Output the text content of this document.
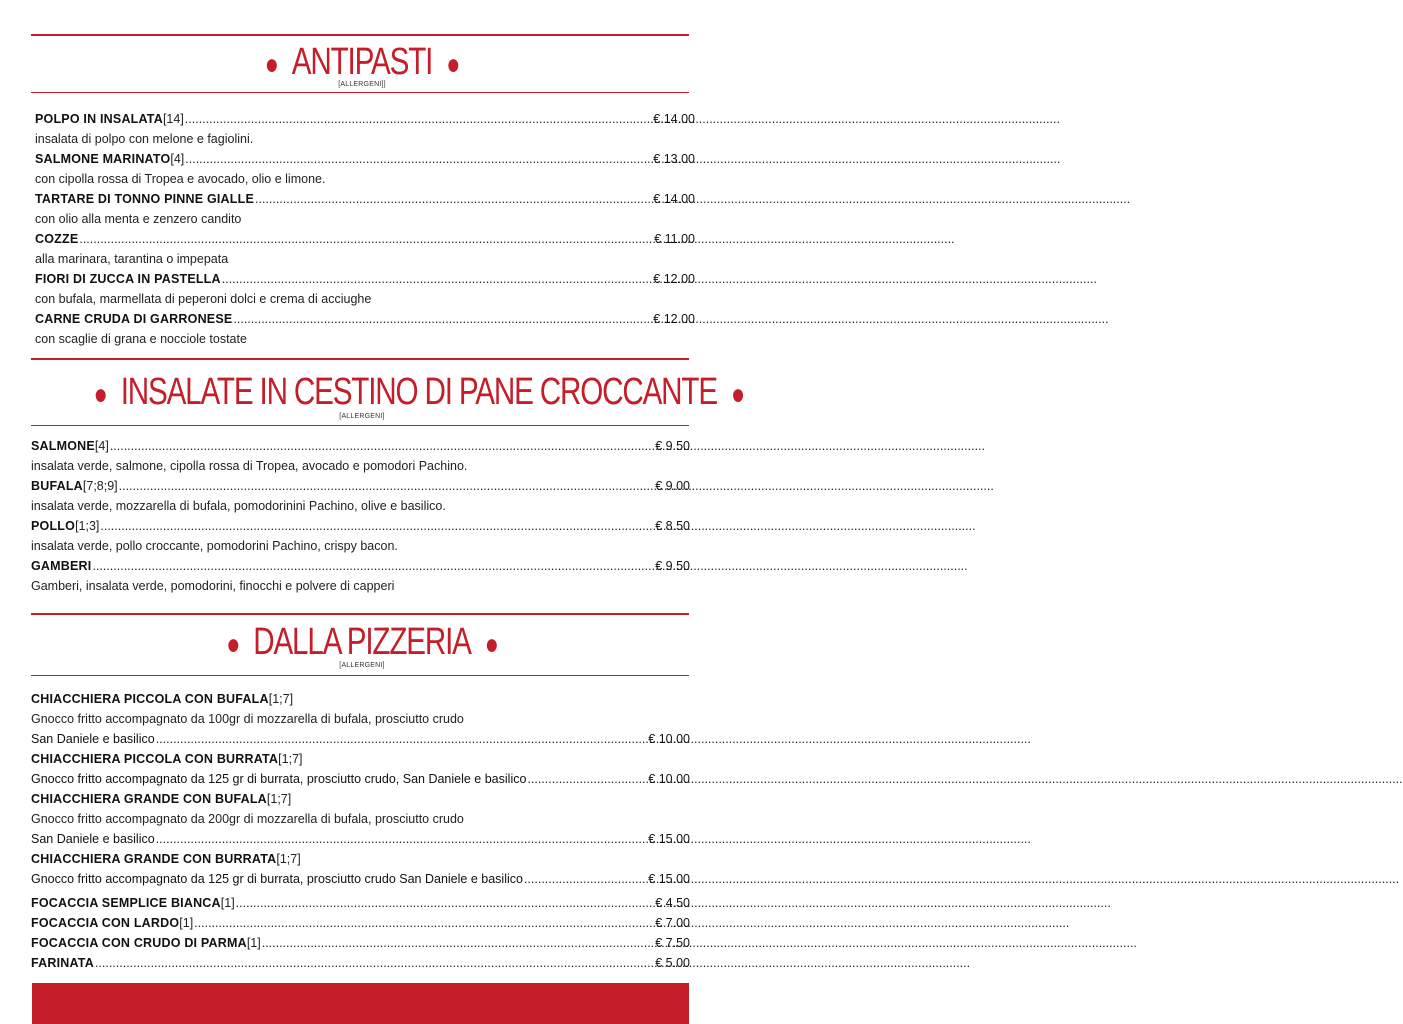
● ANTIPASTI ●
[ALLERGENI]]
POLPO IN INSALATA [14] .....	€.14.00
insalata di polpo con melone e fagiolini.
SALMONE MARINATO [4] .....	€ 13.00
con cipolla rossa di Tropea e avocado, olio e limone.
TARTARE DI TONNO PINNE GIALLE .....	€ 14.00
con olio alla menta e zenzero candito
COZZE .....	€ 11.00
alla marinara, tarantina o impepata
FIORI DI ZUCCA IN PASTELLA .....	€ 12.00
con bufala, marmellata di peperoni dolci e crema di acciughe
CARNE CRUDA DI GARRONESE .....	€ 12.00
con scaglie di grana e nocciole tostate
● INSALATE IN CESTINO DI PANE CROCCANTE ●
[ALLERGENI]
SALMONE [4] .....	€ 9.50
insalata verde, salmone, cipolla rossa di Tropea, avocado e pomodori Pachino.
BUFALA [7;8;9] .....	€ 9.00
insalata verde, mozzarella di bufala, pomodorinini Pachino, olive e basilico.
POLLO [1;3] .....	€ 8.50
insalata verde, pollo croccante, pomodorini Pachino, crispy bacon.
GAMBERI .....	€ 9.50
Gamberi, insalata verde, pomodorini, finocchi e polvere di capperi
● DALLA PIZZERIA ●
[ALLERGENI]
CHIACCHIERA PICCOLA CON BUFALA [1;7]
Gnocco fritto accompagnato da 100gr di mozzarella di bufala, prosciutto crudo
San Daniele e basilico .....	€ 10.00
CHIACCHIERA PICCOLA CON BURRATA [1;7]
Gnocco fritto accompagnato da 125 gr di burrata, prosciutto crudo, San Daniele e basilico .....	€ 10.00
CHIACCHIERA GRANDE CON BUFALA [1;7]
Gnocco fritto accompagnato da 200gr di mozzarella di bufala, prosciutto crudo
San Daniele e basilico .....	€ 15.00
CHIACCHIERA GRANDE CON BURRATA [1;7]
Gnocco fritto accompagnato da 125 gr di burrata, prosciutto crudo San Daniele e basilico .....	€ 15.00
FOCACCIA SEMPLICE BIANCA [1] .....	€ 4.50
FOCACCIA CON LARDO [1] .....	€ 7.00
FOCACCIA CON CRUDO DI PARMA [1] .....	€ 7.50
FARINATA .....	€ 5.00
